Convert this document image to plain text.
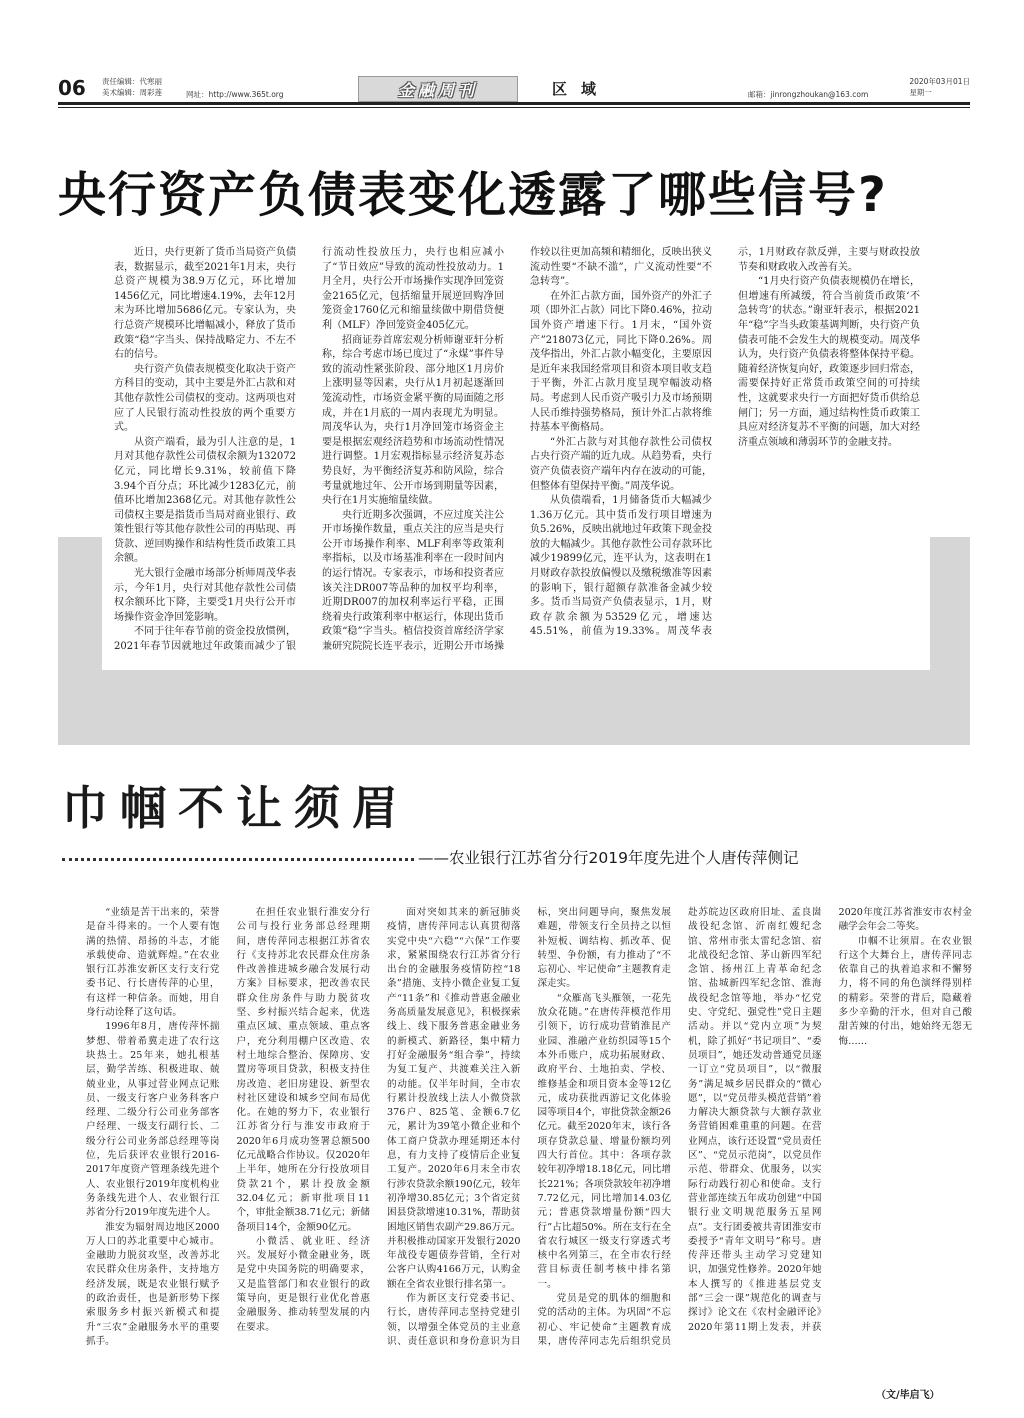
06 责任编辑：代寒丽
美术编辑：周彩莲	网址：http://www.365t.org	金融周刊	区域	邮箱：jinrongzhoukan@163.com
2020年03月01日
星期一
央行资产负债表变化透露了哪些信号?

近日，央行更新了货币当局资产负债表，数据显示，截至2021年1月末，央行总资产规模为38.9万亿元，环比增加1456亿元，同比增速4.19%，去年12月末为环比增加5686亿元。专家认为，央行总资产规模环比增幅减小，释放了货币政策“稳”字当头、保持战略定力、不左不右的信号。

央行资产负债表规模变化取决于资产方科目的变动，其中主要是外汇占款和对其他存款性公司债权的变动。这两项也对应了人民银行流动性投放的两个重要方式。

从资产端看，最为引人注意的是，1月对其他存款性公司债权余额为132072亿元，同比增长9.31%，较前值下降3.94个百分点；环比减少1283亿元，前值环比增加2368亿元。对其他存款性公司债权主要是指货币当局对商业银行、政策性银行等其他存款性公司的再贴现、再贷款、逆回购操作和结构性货币政策工具余额。

光大银行金融市场部分析师周茂华表示，今年1月，央行对其他存款性公司债权余额环比下降，主要受1月央行公开市场操作资金净回笼影响。

不同于往年春节前的资金投放惯例，2021年春节因就地过年政策而减少了银行流动性投放压力，央行也相应减小了“节日效应”导致的流动性投放动力。1月全月，央行公开市场操作实现净回笼资金2165亿元，包括缩量开展逆回购净回笼资金1760亿元和缩量续做中期借贷便利（MLF）净回笼资金405亿元。

招商证券首席宏观分析师谢亚轩分析称，综合考虑市场已度过了“永煤”事件导致的流动性紧张阶段、部分地区1月房价上涨明显等因素，央行从1月初起逐渐回笼流动性，市场资金紧平衡的局面随之形成，并在1月底的一周内表现尤为明显。周茂华认为，央行1月净回笼市场资金主要是根据宏观经济趋势和市场流动性情况进行调整。1月宏观指标显示经济复苏态势良好，为平衡经济复苏和防风险，综合考量就地过年、公开市场到期量等因素，央行在1月实施缩量续做。

央行近期多次强调，不应过度关注公开市场操作数量，重点关注的应当是央行公开市场操作利率、MLF利率等政策利率指标，以及市场基准利率在一段时间内的运行情况。专家表示，市场和投资者应该关注DR007等品种的加权平均利率，近期DR007的加权利率运行平稳，正围绕着央行政策利率中枢运行，体现出货币政策“稳”字当头。植信投资首席经济学家兼研究院院长连平表示，近期公开市场操作较以往更加高频和精细化，反映出狭义流动性要“不缺不滥”，广义流动性要“不急转弯”。

在外汇占款方面，国外资产的外汇子项（即外汇占款）同比下降0.46%，拉动国外资产增速下行。1月末，“国外资产”218073亿元，同比下降0.26%。周茂华指出，外汇占款小幅变化，主要原因是近年来我国经常项目和资本项目收支趋于平衡，外汇占款月度呈现窄幅波动格局。考虑到人民币资产吸引力及市场预期人民币维持强势格局，预计外汇占款将维持基本平衡格局。

“外汇占款与对其他存款性公司债权占央行资产端的近九成。从趋势看，央行资产负债表资产端年内存在波动的可能，但整体有望保持平衡。”周茂华说。

从负债端看，1月储备货币大幅减少1.36万亿元。其中货币发行项目增速为负5.26%，反映出就地过年政策下现金投放的大幅减少。其他存款性公司存款环比减少19899亿元，连平认为，这表明在1月财政存款投放偏慢以及缴税缴准等因素的影响下，银行超额存款准备金减少较多。货币当局资产负债表显示，1月，财政存款余额为53529亿元，增速达45.51%，前值为19.33%。周茂华表示，1月财政存款反弹，主要与财政投放节奏和财政收入改善有关。

“1月央行资产负债表规模仍在增长，但增速有所减缓，符合当前货币政策‘不急转弯’的状态。”谢亚轩表示，根据2021年“稳”字当头政策基调判断，央行资产负债表可能不会发生大的规模变动。周茂华认为，央行资产负债表将整体保持平稳。随着经济恢复向好，政策逐步回归常态，需要保持好正常货币政策空间的可持续性，这就要求央行一方面把好货币供给总闸门；另一方面，通过结构性货币政策工具应对经济复苏不平衡的问题，加大对经济重点领域和薄弱环节的金融支持。

巾帼不让须眉
——农业银行江苏省分行2019年度先进个人唐传萍侧记

“业绩是苦干出来的，荣誉是奋斗得来的。一个人要有饱满的热情、昂扬的斗志，才能承载使命、造就辉煌。”在农业银行江苏淮安新区支行支行党委书记、行长唐传萍的心里，有这样一种信条。而她，用自身行动诠释了这句话。

1996年8月，唐传萍怀揣梦想、带着希冀走进了农行这块热土。25年来，她扎根基层，勤学苦练、积极进取、兢兢业业，从事过营业网点记账员、一级支行客户业务科客户经理、二级分行公司业务部客户经理、一级支行副行长、二级分行公司业务部总经理等岗位，先后获评农业银行2016-2017年度资产管理条线先进个人、农业银行2019年度机构业务条线先进个人、农业银行江苏省分行2019年度先进个人。

淮安为辐射周边地区2000万人口的苏北重要中心城市。金融助力脱贫攻坚，改善苏北农民群众住房条件，支持地方经济发展，既是农业银行赋予的政治责任，也是新形势下探索服务乡村振兴新模式和提升“三农”金融服务水平的重要抓手。

在担任农业银行淮安分行公司与投行业务部总经理期间，唐传萍同志根据江苏省农行《支持苏北农民群众住房条件改善推进城乡融合发展行动方案》目标要求，把改善农民群众住房条件与助力脱贫攻坚、乡村振兴结合起来，优选重点区域、重点领域、重点客户，充分利用棚户区改造、农村土地综合整治、保障房、安置房等项目贷款，积极支持住房改造、老旧房建设、新型农村社区建设和城乡空间布局优化。在她的努力下，农业银行江苏省分行与淮安市政府于2020年6月成功签署总额500亿元战略合作协议。仅2020年上半年，她所在分行投放项目贷款21个，累计投放金额32.04亿元；新审批项目11个，审批金额38.71亿元；新储备项目14个，金额90亿元。

小微活、就业旺、经济兴。发展好小微金融业务，既是党中央国务院的明确要求，又是监管部门和农业银行的政策导向，更是银行业优化普惠金融服务、推动转型发展的内在要求。

面对突如其来的新冠肺炎疫情，唐传萍同志认真贯彻落实党中央“六稳”“六保”工作要求，紧紧围绕农行江苏省分行出台的金融服务疫情防控“18条”措施、支持小微企业复工复产“11条”和《推动普惠金融业务高质量发展意见》，积极探索线上、线下服务普惠金融业务的新模式、新路径，集中精力打好金融服务“组合拳”，持续为复工复产、共渡难关注入新的动能。仅半年时间，全市农行累计投放线上法人小微贷款376户、825笔、金额6.7亿元，累计为39笔小微企业和个体工商户贷款办理延期还本付息，有力支持了疫情后企业复工复产。2020年6月末全市农行涉农贷款余额190亿元，较年初净增30.85亿元；3个省定贫困县贷款增速10.31%，帮助贫困地区销售农副产29.86万元。并积极推动国家开发银行2020年战役专题债券营销，全行对公客户认购4166万元，认购金额在全省农业银行排名第一。

作为新区支行党委书记、行长，唐传萍同志坚持党建引领，以增强全体党员的主业意识、责任意识和身份意识为目标，突出问题导向，聚焦发展难题，带领支行全员持之以恒补短板、调结构、抓改革、促转型、争份额，有力推动了“不忘初心、牢记使命”主题教育走深走实。

“众雁高飞头雁领，一花先放众花随。”在唐传萍模范作用引领下，访行成功营销淮昆产业园、淮融产业纺织园等15个本外币账户，成功拓展财政、政府平台、土地拍卖、学校、维修基金和项目资本金等12亿元，成功获批西游记文化体验园等项目4个，审批贷款金额26亿元。截至2020年末，该行各项存贷款总量、增量份额均列四大行首位。其中：各项存款较年初净增18.18亿元，同比增长221%；各项贷款较年初净增7.72亿元，同比增加14.03亿元；普惠贷款增量份额“四大行”占比超50%。所在支行在全省农行城区一级支行穿透式考核中名列第三，在全市农行经营目标责任制考核中排名第一。

党员是党的肌体的细胞和党的活动的主体。为巩固“不忘初心、牢记使命”主题教育成果，唐传萍同志先后组织党员赴苏皖边区政府旧址、孟良崮战役纪念馆、沂南红嫂纪念馆、常州市张太雷纪念馆、宿北战役纪念馆、茅山新四军纪念馆、扬州江上青革命纪念馆、盐城新四军纪念馆、淮海战役纪念馆等地，举办“忆党史、守党纪、强党性”党日主题活动。并以“党内立项”为契机，除了抓好“书记项目”、“委员项目”，她还发动普通党员逐一订立“党员项目”，以“微服务”满足城乡居民群众的“微心愿”，以“党员带头模范营销”着力解决大额贷款与大额存款业务营销困难重重的问题。在营业网点，该行还设置“党员责任区”、“党员示范岗”，以党员作示范、带群众、优服务，以实际行动践行初心和使命。支行营业部连续五年成功创建“中国银行业文明规范服务五星网点”。支行团委被共青团淮安市委授予“青年文明号”称号。唐传萍还带头主动学习党建知识，加强党性修养。2020年她本人撰写的《推进基层党支部“三会一课”规范化的调查与探讨》论文在《农村金融评论》2020年第11期上发表，并获2020年度江苏省淮安市农村金融学会年会二等奖。

巾帼不让须眉。在农业银行这个大舞台上，唐传萍同志依靠自己的执着追求和不懈努力，将不同的角色演绎得别样的精彩。荣誉的背后，隐藏着多少辛勤的汗水，但对自己酸甜苦辣的付出，她始终无怨无悔……

（文/毕启飞）
